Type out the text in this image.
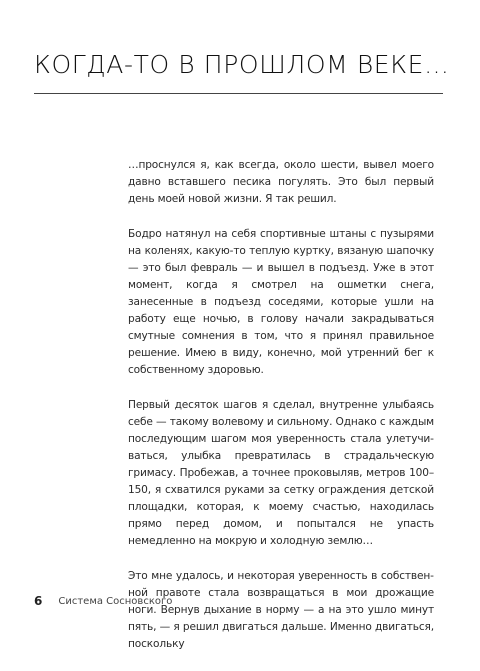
КОГДА-ТО В ПРОШЛОМ ВЕКЕ…

…проснулся я, как всегда, около шести, вывел моего давно вставшего песика погулять. Это был первый день моей новой жизни. Я так решил.

Бодро натянул на себя спортивные штаны с пузырями на коленях, какую-то теплую куртку, вязаную шапочку — это был февраль — и вышел в подъезд. Уже в этот момент, когда я смотрел на ошметки снега, занесенные в подъезд соседями, которые ушли на работу еще ночью, в голову начали закрадываться смутные сомнения в том, что я принял правильное решение. Имею в виду, конечно, мой утренний бег к собственному здоровью.

Первый десяток шагов я сделал, внутренне улыбаясь себе — такому волевому и сильному. Однако с каждым последующим шагом моя уверенность стала улетучиваться, улыбка превратилась в страдальческую гримасу. Пробежав, а точнее проковыляв, метров 100–150, я схватился руками за сетку ограждения детской площадки, которая, к моему счастью, находилась прямо перед домом, и попытался не упасть немедленно на мокрую и холодную землю…

Это мне удалось, и некоторая уверенность в собственной правоте стала возвращаться в мои дрожащие ноги. Вернув дыхание в норму — а на это ушло минут пять, — я решил двигаться дальше. Именно двигаться, поскольку

6 Система Сосновского
